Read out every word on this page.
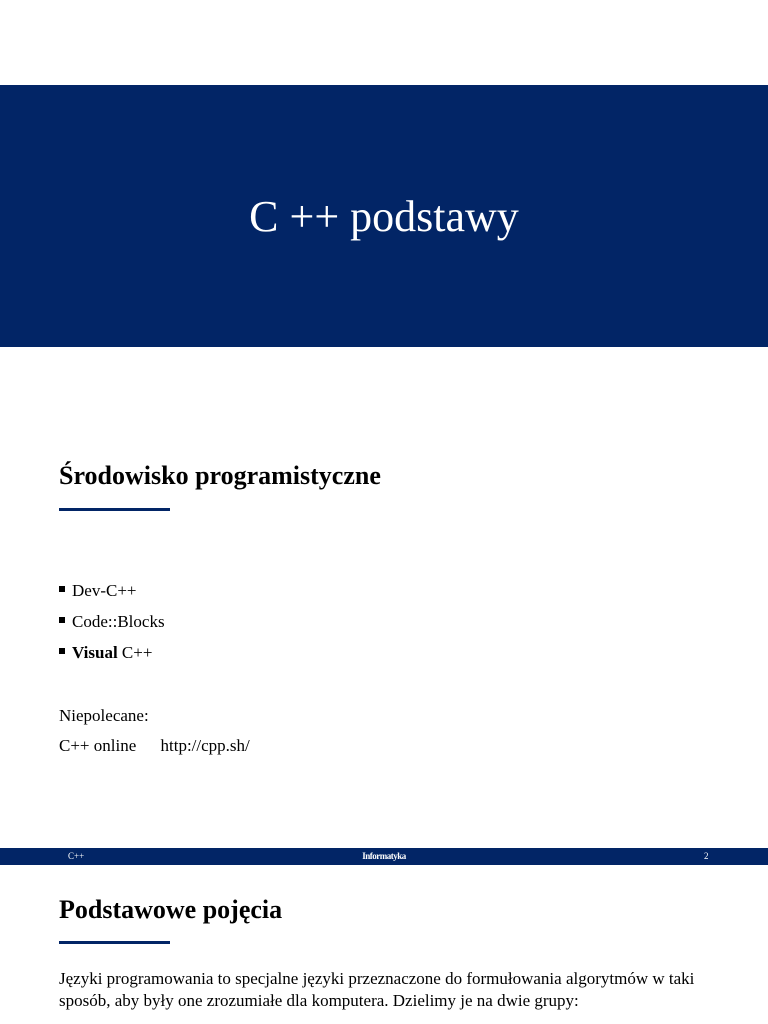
C ++ podstawy
Środowisko programistyczne
Dev-C++
Code::Blocks
Visual C++
Niepolecane:
C++ online http://cpp.sh/
C++	Informatyka	2
Podstawowe pojęcia

Języki programowania to specjalne języki przeznaczone do formułowania algorytmów w taki sposób, aby były one zrozumiałe dla komputera. Dzielimy je na dwie grupy:
